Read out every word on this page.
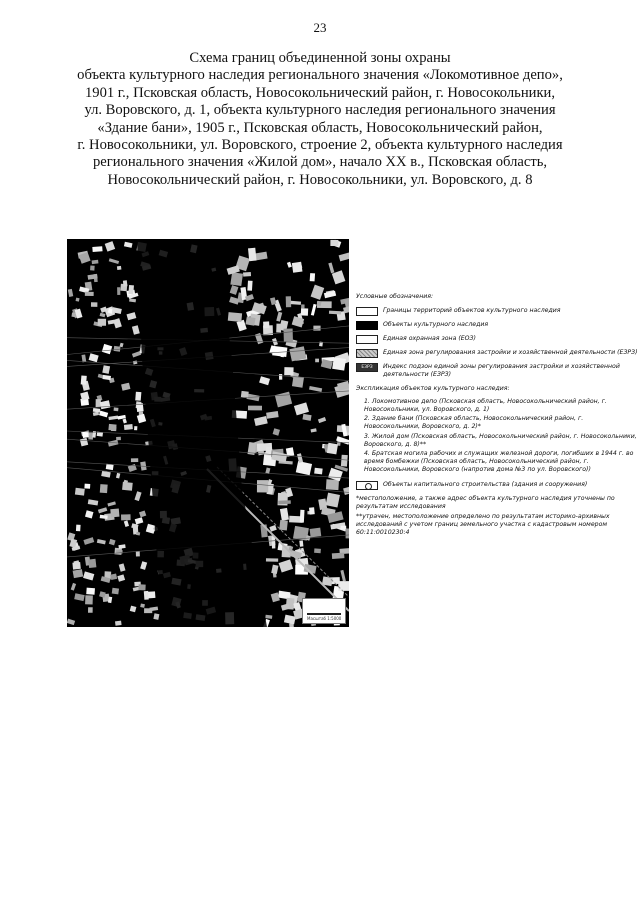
23
Схема границ объединенной зоны охраны
объекта культурного наследия регионального значения «Локомотивное депо»,
1901 г., Псковская область, Новосокольнический район, г. Новосокольники,
ул. Воровского, д. 1, объекта культурного наследия регионального значения
«Здание бани», 1905 г., Псковская область, Новосокольнический район,
г. Новосокольники, ул. Воровского, строение 2, объекта культурного наследия
регионального значения «Жилой дом», начало XX в., Псковская область,
Новосокольнический район, г. Новосокольники, ул. Воровского, д. 8
Масштаб 1:5000
Условные обозначения:
Границы территорий объектов культурного наследия
Объекты культурного наследия
Единая охранная зона (ЕОЗ)
Единая зона регулирования застройки и хозяйственной деятельности (ЕЗРЗ)
ЕЗРЗ	Индекс подзон единой зоны регулирования застройки и хозяйственной деятельности (ЕЗРЗ)
Экспликация объектов культурного наследия:
1. Локомотивное депо (Псковская область, Новосокольнический район, г. Новосокольники, ул. Воровского, д. 1)
2. Здание бани (Псковская область, Новосокольнический район, г. Новосокольники, Воровского, д. 2)*
3. Жилой дом (Псковская область, Новосокольнический район, г. Новосокольники, Воровского, д. 8)**
4. Братская могила рабочих и служащих железной дороги, погибших в 1944 г. во время бомбежки (Псковская область, Новосокольнический район, г. Новосокольники, Воровского (напротив дома №3 по ул. Воровского))
Объекты капитального строительства (здания и сооружения)
*местоположение, а также адрес объекта культурного наследия уточнены по результатам исследования
**утрачен, местоположение определено по результатам историко-архивных исследований с учетом границ земельного участка с кадастровым номером 60:11:0010230:4
